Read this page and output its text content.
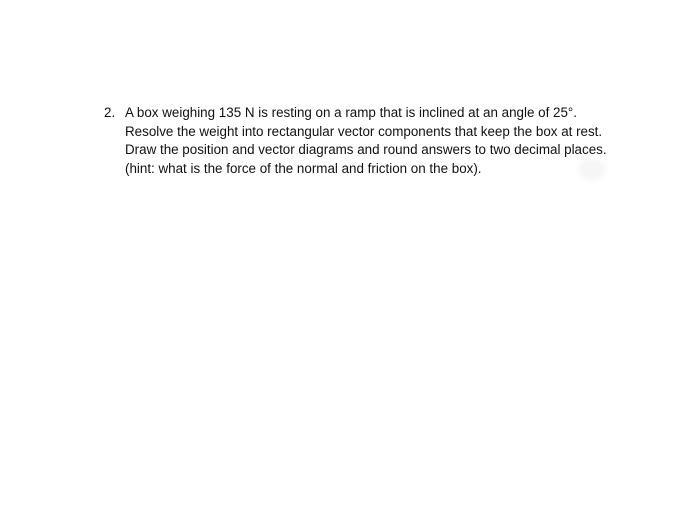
2. A box weighing 135 N is resting on a ramp that is inclined at an angle of 25°.
Resolve the weight into rectangular vector components that keep the box at rest.
Draw the position and vector diagrams and round answers to two decimal places.
(hint: what is the force of the normal and friction on the box).
